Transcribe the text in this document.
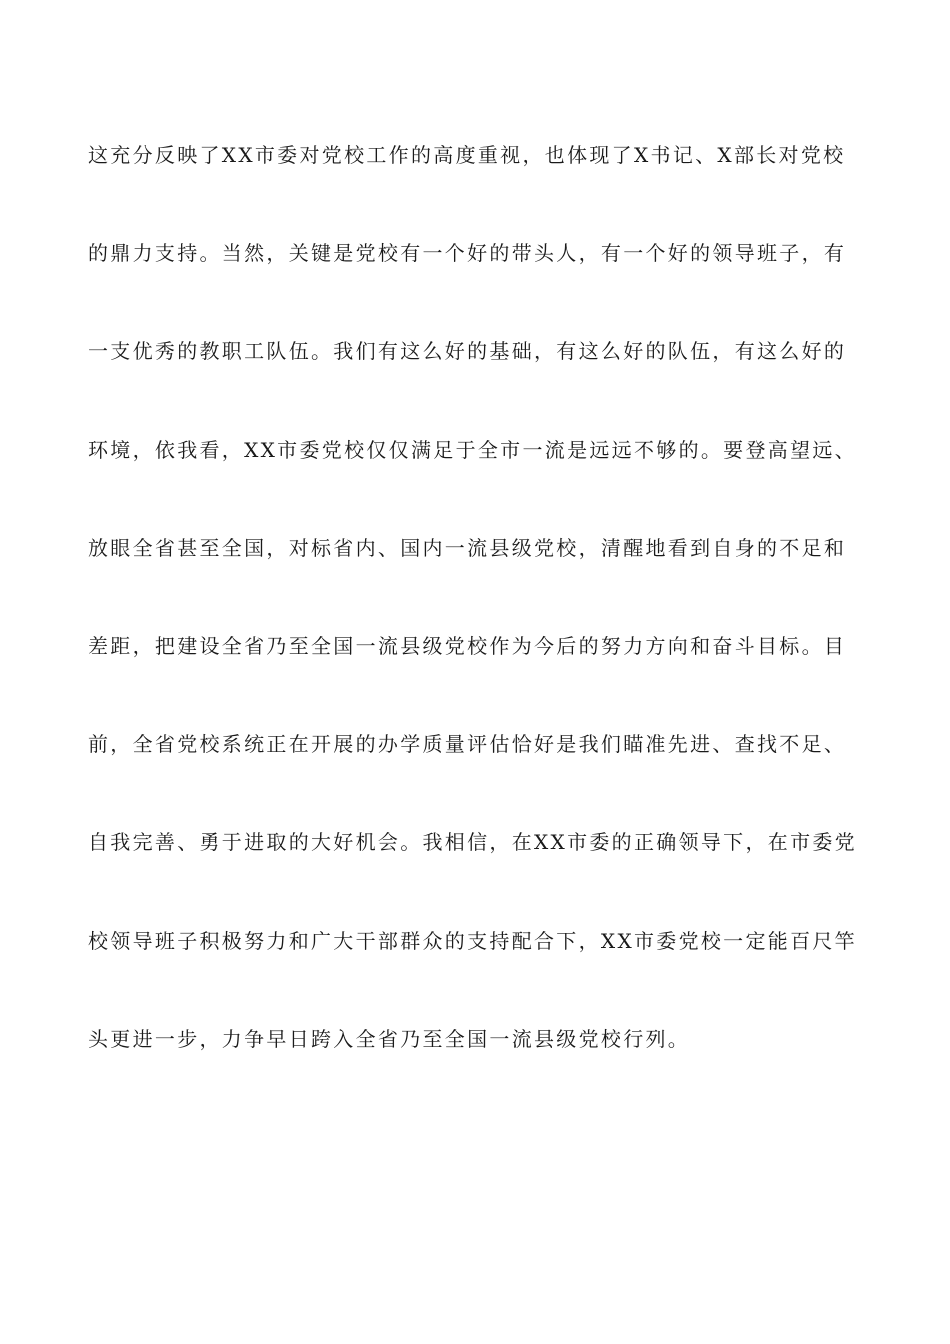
这充分反映了XX市委对党校工作的高度重视，也体现了X书记、X部长对党校
的鼎力支持。当然，关键是党校有一个好的带头人，有一个好的领导班子，有
一支优秀的教职工队伍。我们有这么好的基础，有这么好的队伍，有这么好的
环境，依我看，XX市委党校仅仅满足于全市一流是远远不够的。要登高望远、
放眼全省甚至全国，对标省内、国内一流县级党校，清醒地看到自身的不足和
差距，把建设全省乃至全国一流县级党校作为今后的努力方向和奋斗目标。目
前，全省党校系统正在开展的办学质量评估恰好是我们瞄准先进、查找不足、
自我完善、勇于进取的大好机会。我相信，在XX市委的正确领导下，在市委党
校领导班子积极努力和广大干部群众的支持配合下，XX市委党校一定能百尺竿
头更进一步，力争早日跨入全省乃至全国一流县级党校行列。
